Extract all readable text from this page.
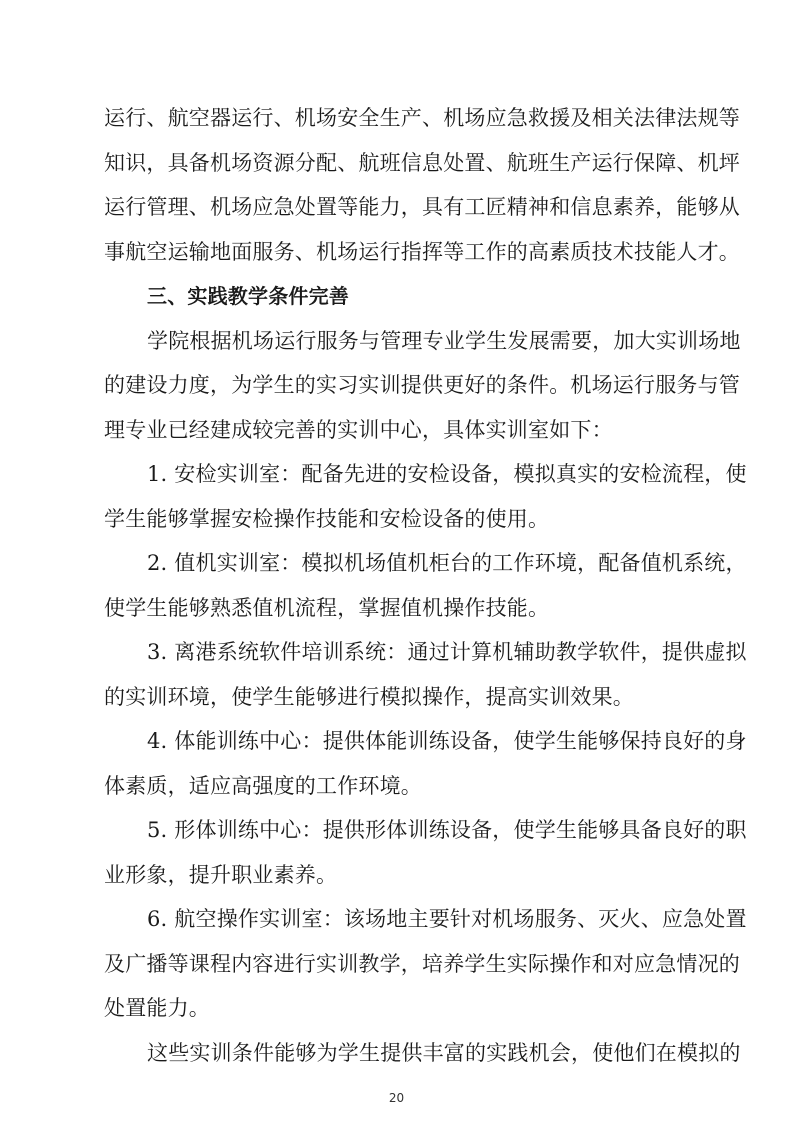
运行、航空器运行、机场安全生产、机场应急救援及相关法律法规等
知识，具备机场资源分配、航班信息处置、航班生产运行保障、机坪
运行管理、机场应急处置等能力，具有工匠精神和信息素养，能够从
事航空运输地面服务、机场运行指挥等工作的高素质技术技能人才。
三、实践教学条件完善
学院根据机场运行服务与管理专业学生发展需要，加大实训场地
的建设力度，为学生的实习实训提供更好的条件。机场运行服务与管
理专业已经建成较完善的实训中心，具体实训室如下：
1. 安检实训室：配备先进的安检设备，模拟真实的安检流程，使
学生能够掌握安检操作技能和安检设备的使用。
2. 值机实训室：模拟机场值机柜台的工作环境，配备值机系统，
使学生能够熟悉值机流程，掌握值机操作技能。
3. 离港系统软件培训系统：通过计算机辅助教学软件，提供虚拟
的实训环境，使学生能够进行模拟操作，提高实训效果。
4. 体能训练中心：提供体能训练设备，使学生能够保持良好的身
体素质，适应高强度的工作环境。
5. 形体训练中心：提供形体训练设备，使学生能够具备良好的职
业形象，提升职业素养。
6. 航空操作实训室：该场地主要针对机场服务、灭火、应急处置
及广播等课程内容进行实训教学，培养学生实际操作和对应急情况的
处置能力。
这些实训条件能够为学生提供丰富的实践机会，使他们在模拟的
20
